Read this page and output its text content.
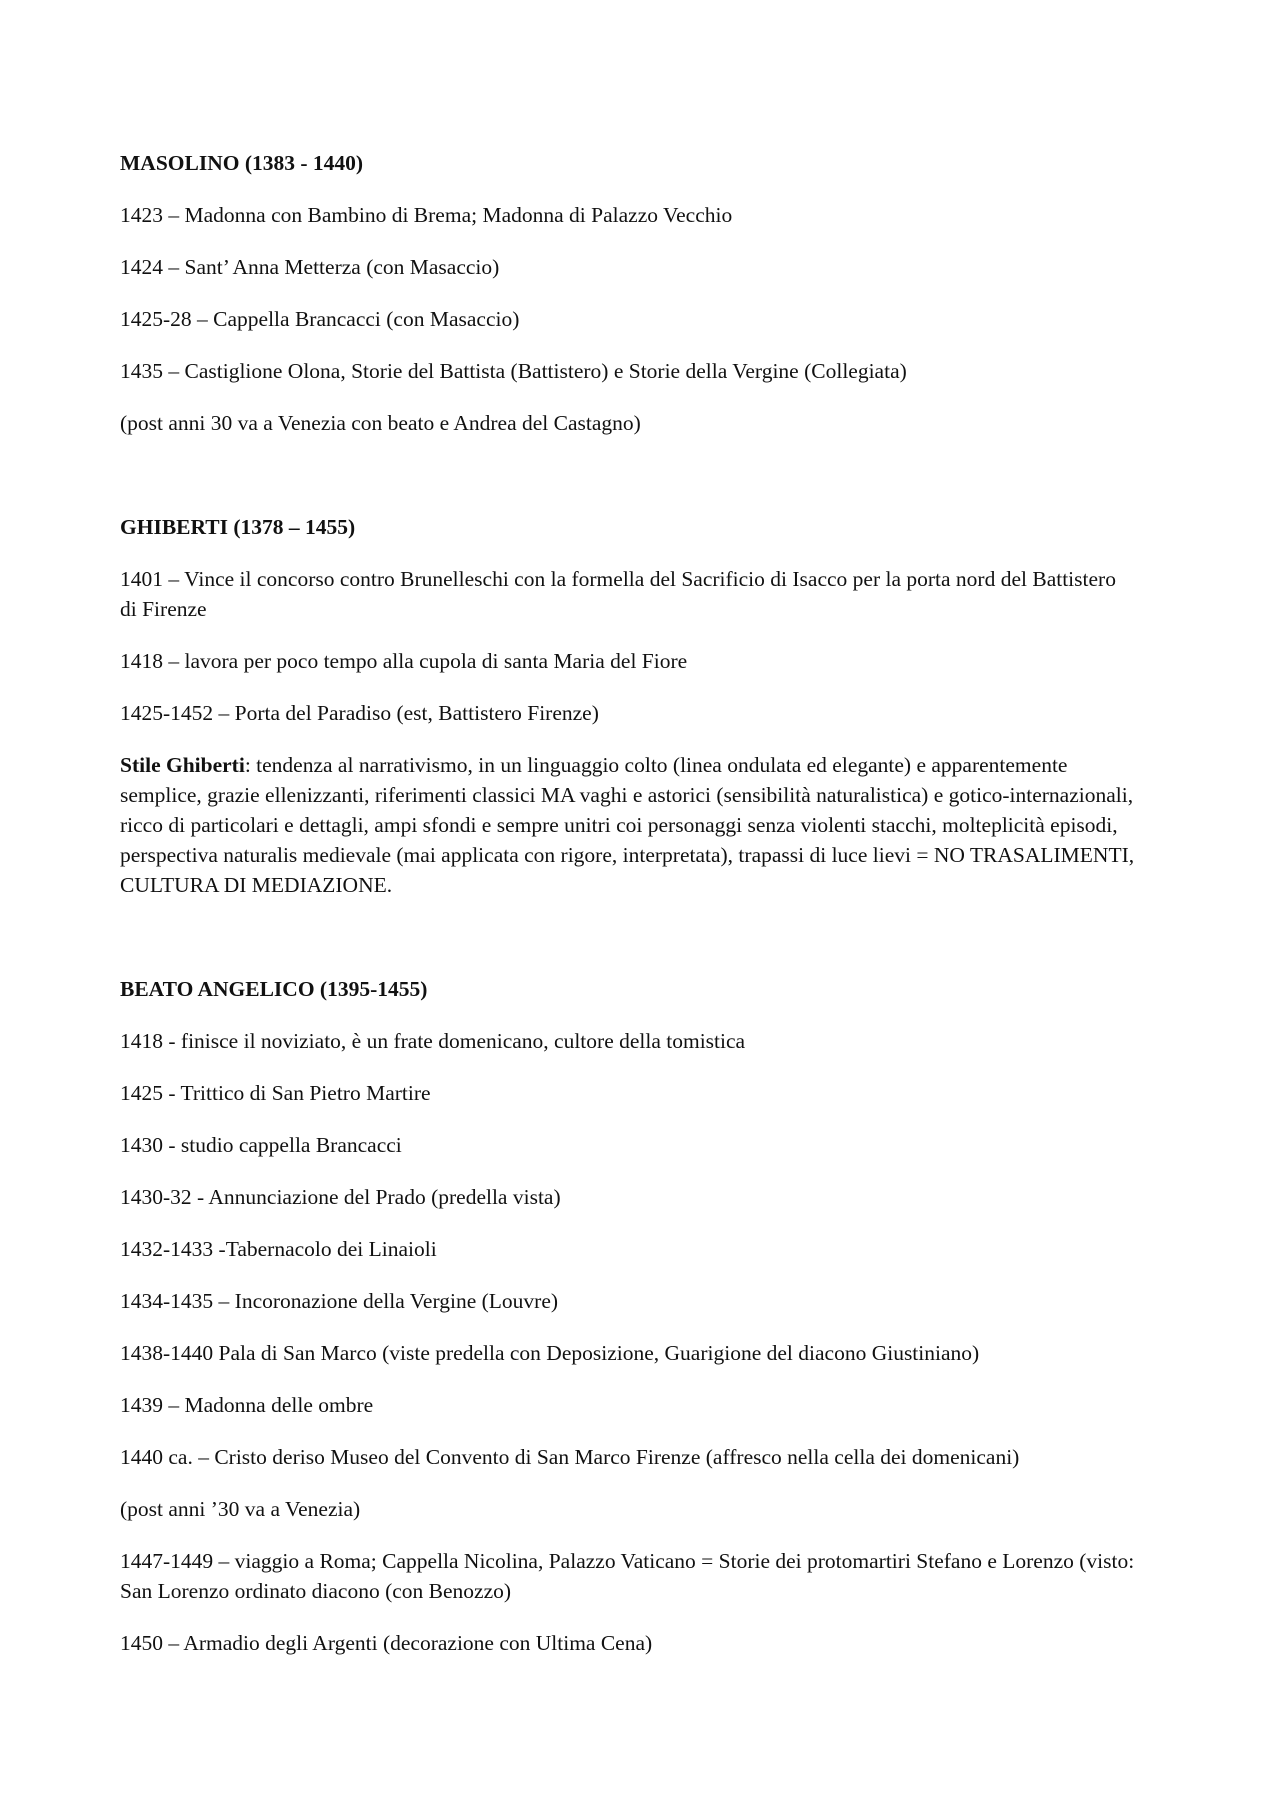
MASOLINO (1383 - 1440)

1423 – Madonna con Bambino di Brema; Madonna di Palazzo Vecchio

1424 – Sant’ Anna Metterza (con Masaccio)

1425-28 – Cappella Brancacci (con Masaccio)

1435 – Castiglione Olona, Storie del Battista (Battistero) e Storie della Vergine (Collegiata)

(post anni 30 va a Venezia con beato e Andrea del Castagno)

GHIBERTI (1378 – 1455)

1401 – Vince il concorso contro Brunelleschi con la formella del Sacrificio di Isacco per la porta nord del Battistero di Firenze

1418 – lavora per poco tempo alla cupola di santa Maria del Fiore

1425-1452 – Porta del Paradiso (est, Battistero Firenze)

Stile Ghiberti: tendenza al narrativismo, in un linguaggio colto (linea ondulata ed elegante) e apparentemente semplice, grazie ellenizzanti, riferimenti classici MA vaghi e astorici (sensibilità naturalistica) e gotico-internazionali, ricco di particolari e dettagli, ampi sfondi e sempre unitri coi personaggi senza violenti stacchi, molteplicità episodi, perspectiva naturalis medievale (mai applicata con rigore, interpretata), trapassi di luce lievi = NO TRASALIMENTI, CULTURA DI MEDIAZIONE.

BEATO ANGELICO (1395-1455)

1418 - finisce il noviziato, è un frate domenicano, cultore della tomistica

1425 - Trittico di San Pietro Martire

1430 - studio cappella Brancacci

1430-32 - Annunciazione del Prado (predella vista)

1432-1433 -Tabernacolo dei Linaioli

1434-1435 – Incoronazione della Vergine (Louvre)

1438-1440 Pala di San Marco (viste predella con Deposizione, Guarigione del diacono Giustiniano)

1439 – Madonna delle ombre

1440 ca. – Cristo deriso Museo del Convento di San Marco Firenze (affresco nella cella dei domenicani)

(post anni ’30 va a Venezia)

1447-1449 – viaggio a Roma; Cappella Nicolina, Palazzo Vaticano = Storie dei protomartiri Stefano e Lorenzo (visto: San Lorenzo ordinato diacono (con Benozzo)

1450 – Armadio degli Argenti (decorazione con Ultima Cena)
